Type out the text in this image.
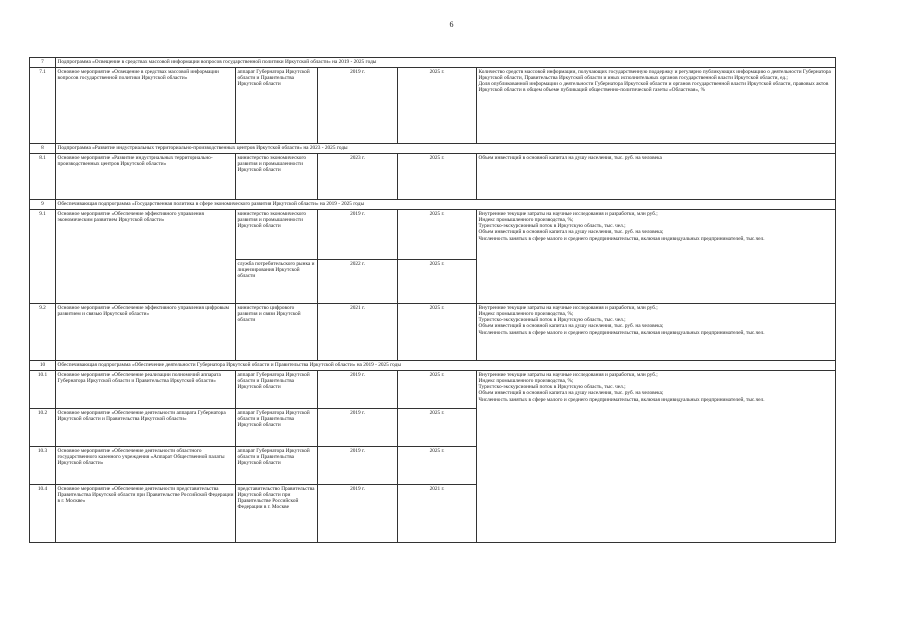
6
7	Подпрограмма «Освещение в средствах массовой информации вопросов государственной политики Иркутской области» на 2019 - 2025 годы				
7.1	Основное мероприятие «Освещение в средствах массовой информации вопросов государственной политики Иркутской области»	аппарат Губернатора Иркутской области и Правительства Иркутской области	2019 г.	2025 г.	Количество средств массовой информации, получающих государственную поддержку и регулярно публикующих информацию о деятельности Губернатора Иркутской области, Правительства Иркутской области и иных исполнительных органов государственной власти Иркутской области, ед.;
Доля опубликованной информации о деятельности Губернатора Иркутской области и органов государственной власти Иркутской области, правовых актов Иркутской области в общем объеме публикаций общественно-политической газеты «Областная», %
8	Подпрограмма «Развитие индустриальных территориально-производственных центров Иркутской области» на 2023 - 2025 годы				
8.1	Основное мероприятие «Развитие индустриальных территориально-производственных центров Иркутской области»	министерство экономического развития и промышленности Иркутской области	2023 г.	2025 г.	Объем инвестиций в основной капитал на душу населения, тыс. руб. на человека
9	Обеспечивающая подпрограмма «Государственная политика в сфере экономического развития Иркутской области» на 2019 - 2025 годы				
9.1	Основное мероприятие «Обеспечение эффективного управления экономическим развитием Иркутской области»	министерство экономического развития и промышленности Иркутской области	2019 г.	2025 г.	Внутренние текущие затраты на научные исследования и разработки, млн руб.;
Индекс промышленного производства, %;
Туристско-экскурсионный поток в Иркутскую область, тыс. чел.;
Объем инвестиций в основной капитал на душу населения, тыс. руб. на человека;
Численность занятых в сфере малого и среднего предпринимательства, включая индивидуальных предпринимателей, тыс.чел.
		служба потребительского рынка и лицензирования Иркутской области	2022 г.	2025 г.	
9.2	Основное мероприятие «Обеспечение эффективного управления цифровым развитием и связью Иркутской области»	министерство цифрового развития и связи Иркутской области	2021 г.	2025 г.	Внутренние текущие затраты на научные исследования и разработки, млн руб.;
Индекс промышленного производства, %;
Туристско-экскурсионный поток в Иркутскую область, тыс. чел.;
Объем инвестиций в основной капитал на душу населения, тыс. руб. на человека;
Численность занятых в сфере малого и среднего предпринимательства, включая индивидуальных предпринимателей, тыс.чел.
10	Обеспечивающая подпрограмма «Обеспечение деятельности Губернатора Иркутской области и Правительства Иркутской области» на 2019 - 2025 годы				
10.1	Основное мероприятие «Обеспечение реализации полномочий аппарата Губернатора Иркутской области и Правительства Иркутской области»	аппарат Губернатора Иркутской области и Правительства Иркутской области	2019 г.	2025 г.	Внутренние текущие затраты на научные исследования и разработки, млн руб.;
Индекс промышленного производства, %;
Туристско-экскурсионный поток в Иркутскую область, тыс. чел.;
Объем инвестиций в основной капитал на душу населения, тыс. руб. на человека;
Численность занятых в сфере малого и среднего предпринимательства, включая индивидуальных предпринимателей, тыс.чел.
10.2	Основное мероприятие «Обеспечение деятельности аппарата Губернатора Иркутской области и Правительства Иркутской области»	аппарат Губернатора Иркутской области и Правительства Иркутской области	2019 г.	2025 г.	
10.3	Основное мероприятие «Обеспечение деятельности областного государственного казенного учреждения «Аппарат Общественной палаты Иркутской области»	аппарат Губернатора Иркутской области и Правительства Иркутской области	2019 г.	2025 г.	
10.4	Основное мероприятие «Обеспечение деятельности представительства Правительства Иркутской области при Правительстве Российской Федерации в г. Москве»	представительство Правительства Иркутской области при Правительстве Российской Федерации в г. Москве	2019 г.	2021 г.	
